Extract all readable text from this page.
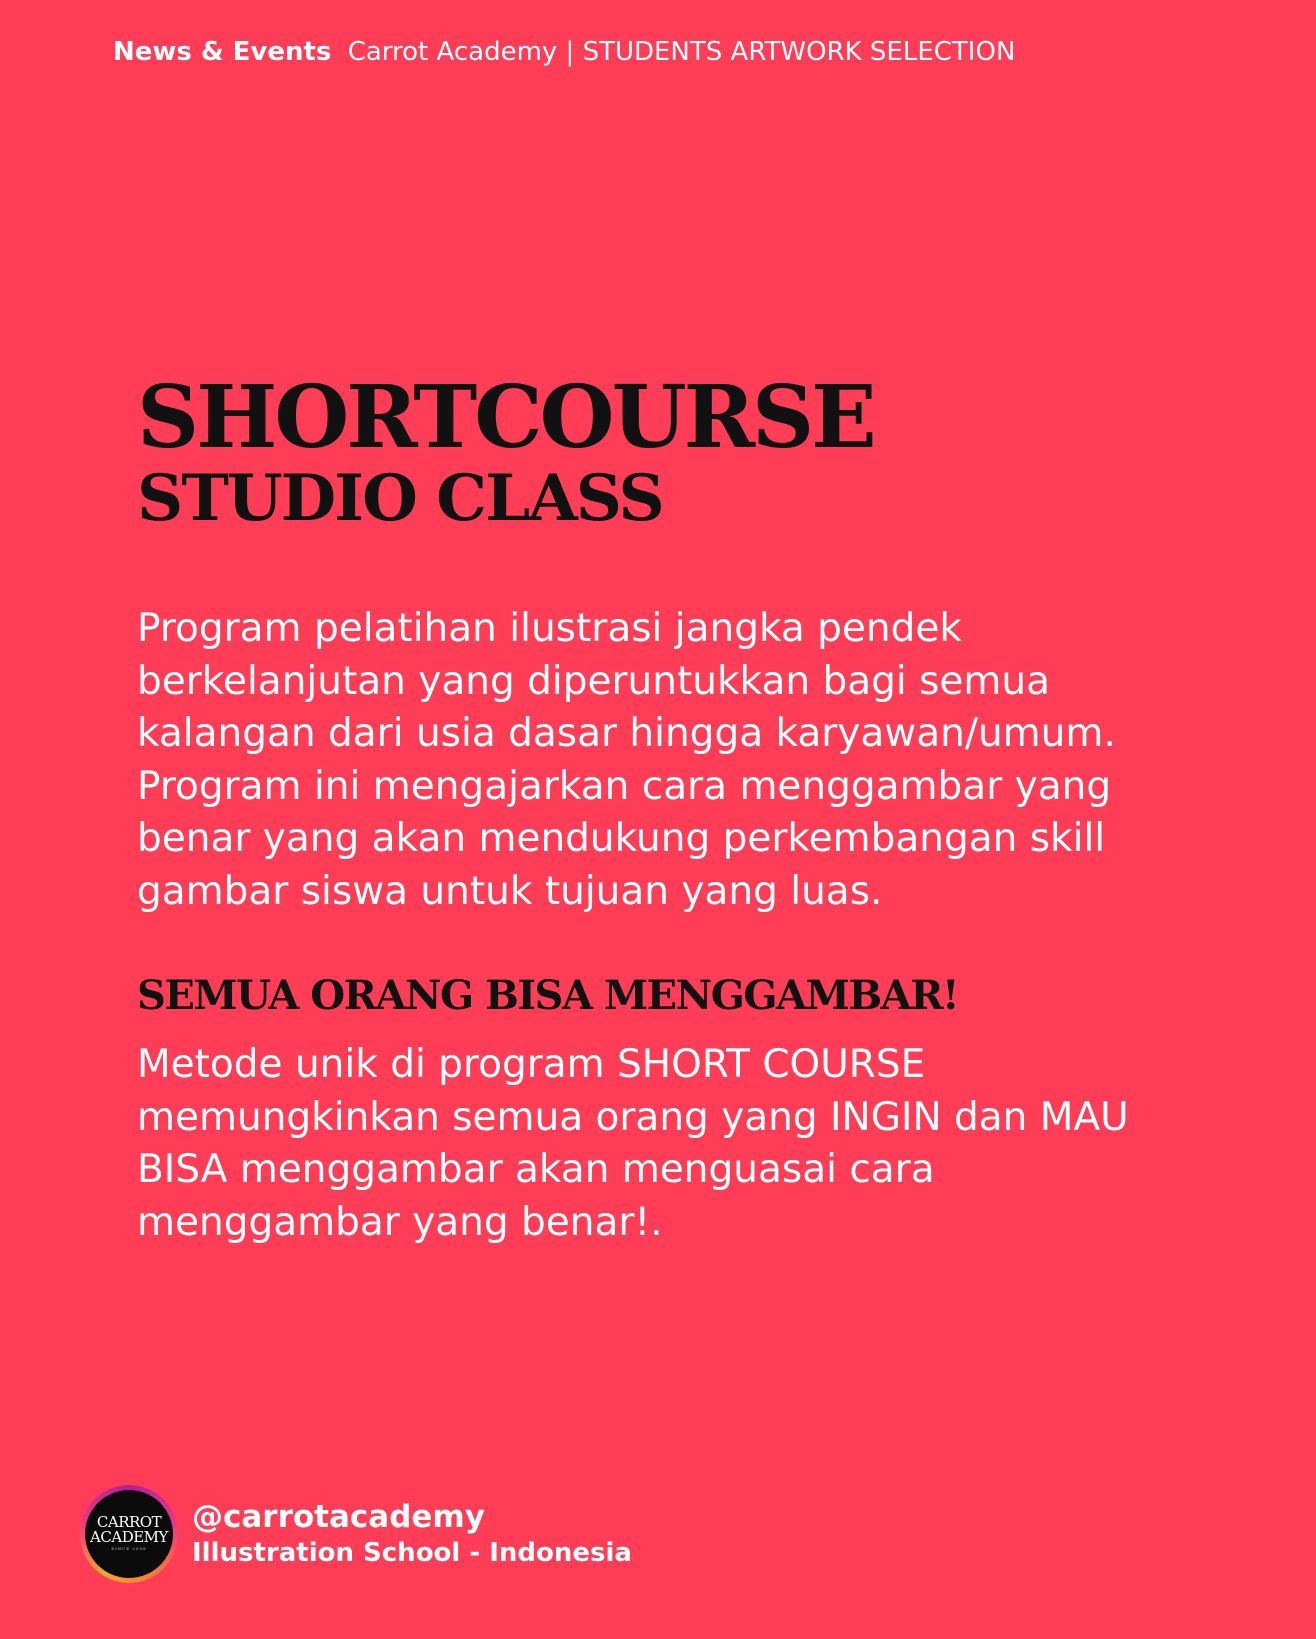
News & Events Carrot Academy | STUDENTS ARTWORK SELECTION
SHORTCOURSE
STUDIO CLASS

Program pelatihan ilustrasi jangka pendek berkelanjutan yang diperuntukkan bagi semua kalangan dari usia dasar hingga karyawan/umum. Program ini mengajarkan cara menggambar yang benar yang akan mendukung perkembangan skill gambar siswa untuk tujuan yang luas.

SEMUA ORANG BISA MENGGAMBAR!

Metode unik di program SHORT COURSE memungkinkan semua orang yang INGIN dan MAU BISA menggambar akan menguasai cara menggambar yang benar!.

CARROT
ACADEMY
SINCE 2008
@carrotacademy
Illustration School - Indonesia
